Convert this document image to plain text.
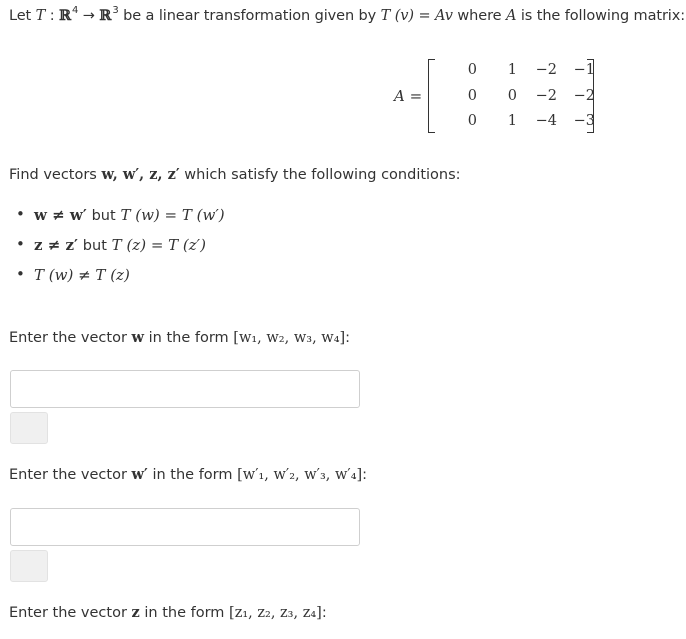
Let T : ℝ$^4$ → ℝ$^3$ be a linear transformation given by T (v) = Av where A is the following matrix:
A =
0	1	−2	−1
0	0	−2	−2
0	1	−4	−3
Find vectors w, w′, z, z′ which satisfy the following conditions:
• w ≠ w′ but T (w) = T (w′)
• z ≠ z′ but T (z) = T (z′)
• T (w) ≠ T (z)
Enter the vector w in the form [w₁, w₂, w₃, w₄]:
Enter the vector w′ in the form [w′₁, w′₂, w′₃, w′₄]:
Enter the vector z in the form [z₁, z₂, z₃, z₄]:
